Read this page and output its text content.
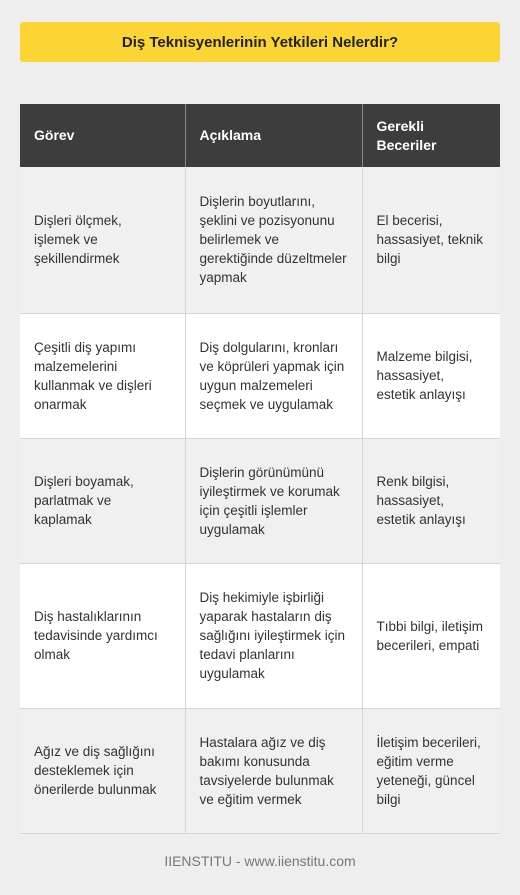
Diş Teknisyenlerinin Yetkileri Nelerdir?
Görev	Açıklama	Gerekli Beceriler
Dişleri ölçmek, işlemek ve şekillendirmek	Dişlerin boyutlarını, şeklini ve pozisyonunu belirlemek ve gerektiğinde düzeltmeler yapmak	El becerisi, hassasiyet, teknik bilgi
Çeşitli diş yapımı malzemelerini kullanmak ve dişleri onarmak	Diş dolgularını, kronları ve köprüleri yapmak için uygun malzemeleri seçmek ve uygulamak	Malzeme bilgisi, hassasiyet, estetik anlayışı
Dişleri boyamak, parlatmak ve kaplamak	Dişlerin görünümünü iyileştirmek ve korumak için çeşitli işlemler uygulamak	Renk bilgisi, hassasiyet, estetik anlayışı
Diş hastalıklarının tedavisinde yardımcı olmak	Diş hekimiyle işbirliği yaparak hastaların diş sağlığını iyileştirmek için tedavi planlarını uygulamak	Tıbbi bilgi, iletişim becerileri, empati
Ağız ve diş sağlığını desteklemek için önerilerde bulunmak	Hastalara ağız ve diş bakımı konusunda tavsiyelerde bulunmak ve eğitim vermek	İletişim becerileri, eğitim verme yeteneği, güncel bilgi
IIENSTITU - www.iienstitu.com
